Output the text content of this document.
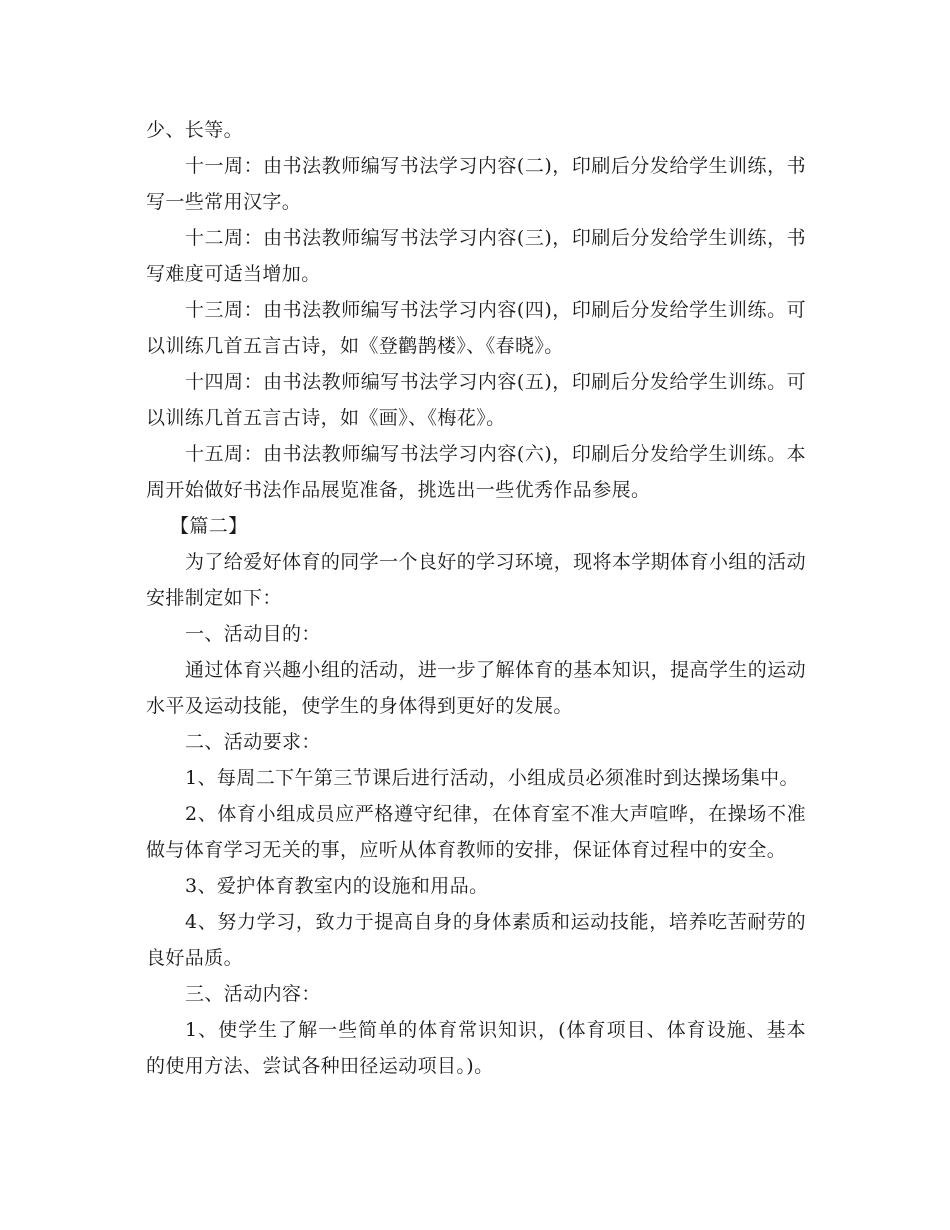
少、长等。

十一周：由书法教师编写书法学习内容(二)，印刷后分发给学生训练，书写一些常用汉字。

十二周：由书法教师编写书法学习内容(三)，印刷后分发给学生训练，书写难度可适当增加。

十三周：由书法教师编写书法学习内容(四)，印刷后分发给学生训练。可以训练几首五言古诗，如《登鹳鹊楼》、《春晓》。

十四周：由书法教师编写书法学习内容(五)，印刷后分发给学生训练。可以训练几首五言古诗，如《画》、《梅花》。

十五周：由书法教师编写书法学习内容(六)，印刷后分发给学生训练。本周开始做好书法作品展览准备，挑选出一些优秀作品参展。

【篇二】

为了给爱好体育的同学一个良好的学习环境，现将本学期体育小组的活动安排制定如下：

一、活动目的：

通过体育兴趣小组的活动，进一步了解体育的基本知识，提高学生的运动水平及运动技能，使学生的身体得到更好的发展。

二、活动要求：

1、每周二下午第三节课后进行活动，小组成员必须准时到达操场集中。

2、体育小组成员应严格遵守纪律，在体育室不准大声喧哗，在操场不准做与体育学习无关的事，应听从体育教师的安排，保证体育过程中的安全。

3、爱护体育教室内的设施和用品。

4、努力学习，致力于提高自身的身体素质和运动技能，培养吃苦耐劳的良好品质。

三、活动内容：

1、使学生了解一些简单的体育常识知识，(体育项目、体育设施、基本的使用方法、尝试各种田径运动项目。)。
